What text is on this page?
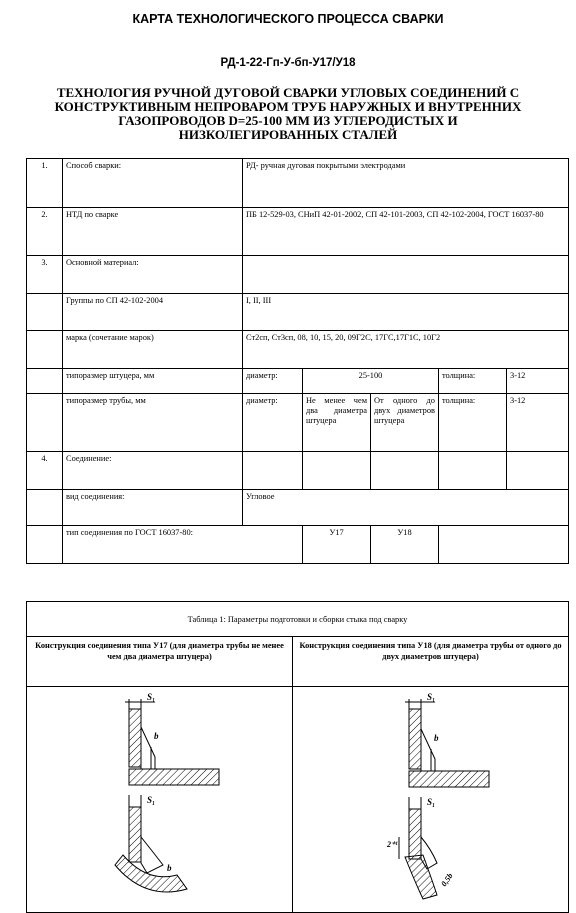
КАРТА ТЕХНОЛОГИЧЕСКОГО ПРОЦЕССА СВАРКИ
РД-1-22-Гп-У-бп-У17/У18
ТЕХНОЛОГИЯ РУЧНОЙ ДУГОВОЙ СВАРКИ УГЛОВЫХ СОЕДИНЕНИЙ С
КОНСТРУКТИВНЫМ НЕПРОВАРОМ ТРУБ НАРУЖНЫХ И ВНУТРЕННИХ
ГАЗОПРОВОДОВ D=25-100 ММ ИЗ УГЛЕРОДИСТЫХ И
НИЗКОЛЕГИРОВАННЫХ СТАЛЕЙ
1.	Способ сварки:	РД- ручная дуговая покрытыми электродами				
2.	НТД по сварке	ПБ 12-529-03, СНиП 42-01-2002, СП 42-101-2003, СП 42-102-2004, ГОСТ 16037-80				
3.	Основной материал:					
	Группы по СП 42-102-2004	I, II, III				
	марка (сочетание марок)	Ст2сп, Ст3сп, 08, 10, 15, 20, 09Г2С, 17ГС,17Г1С, 10Г2				
	типоразмер штуцера, мм	диаметр:	25-100		толщина:	3-12
	типоразмер трубы, мм	диаметр:	Не менее чем два диаметра штуцера	От одного до двух диаметров штуцера	толщина:	3-12
4.	Соединение:					
	вид соединения:	Угловое				
	тип соединения по ГОСТ 16037-80:		У17	У18		
Таблица 1: Параметры подготовки и сборки стыка под сварку	
Конструкция соединения типа У17 (для диаметра трубы не менее чем два диаметра штуцера)	Конструкция соединения типа У18 (для диаметра трубы от одного до двух диаметров штуцера)

S₁
b
S₁
b	S₁
b
S₁
2⁺¹
0,5b
